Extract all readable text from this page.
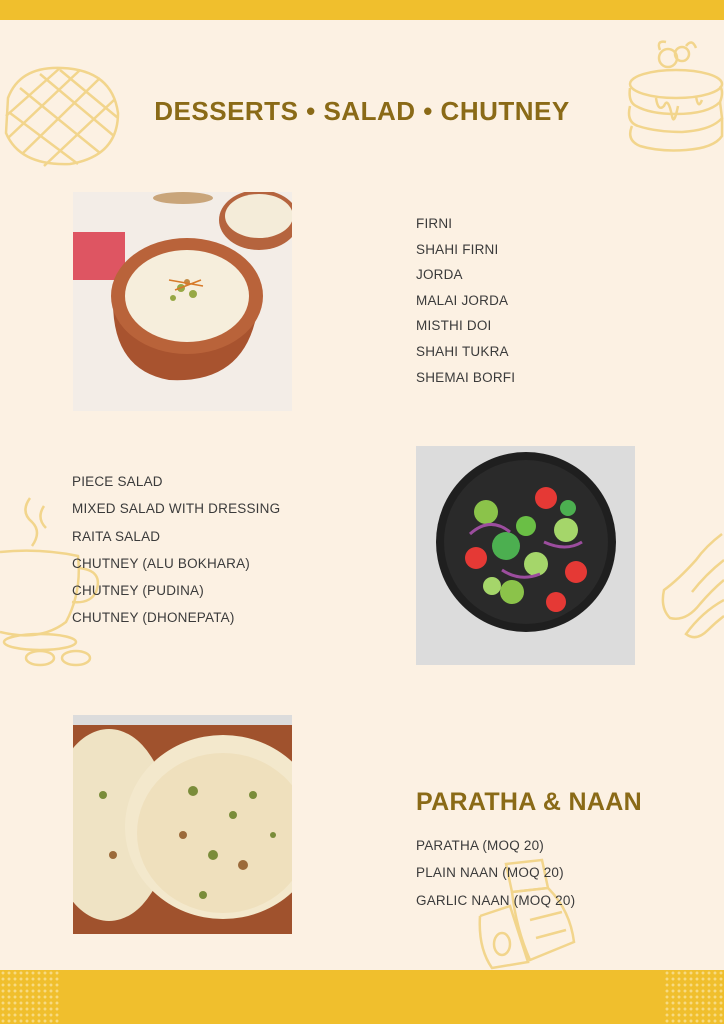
DESSERTS • SALAD • CHUTNEY
FIRNI
SHAHI FIRNI
JORDA
MALAI JORDA
MISTHI DOI
SHAHI TUKRA
SHEMAI BORFI
PIECE SALAD
MIXED SALAD WITH DRESSING
RAITA SALAD
CHUTNEY (ALU BOKHARA)
CHUTNEY (PUDINA)
CHUTNEY (DHONEPATA)
PARATHA & NAAN
PARATHA (MOQ 20)
PLAIN NAAN (MOQ 20)
GARLIC NAAN (MOQ 20)
